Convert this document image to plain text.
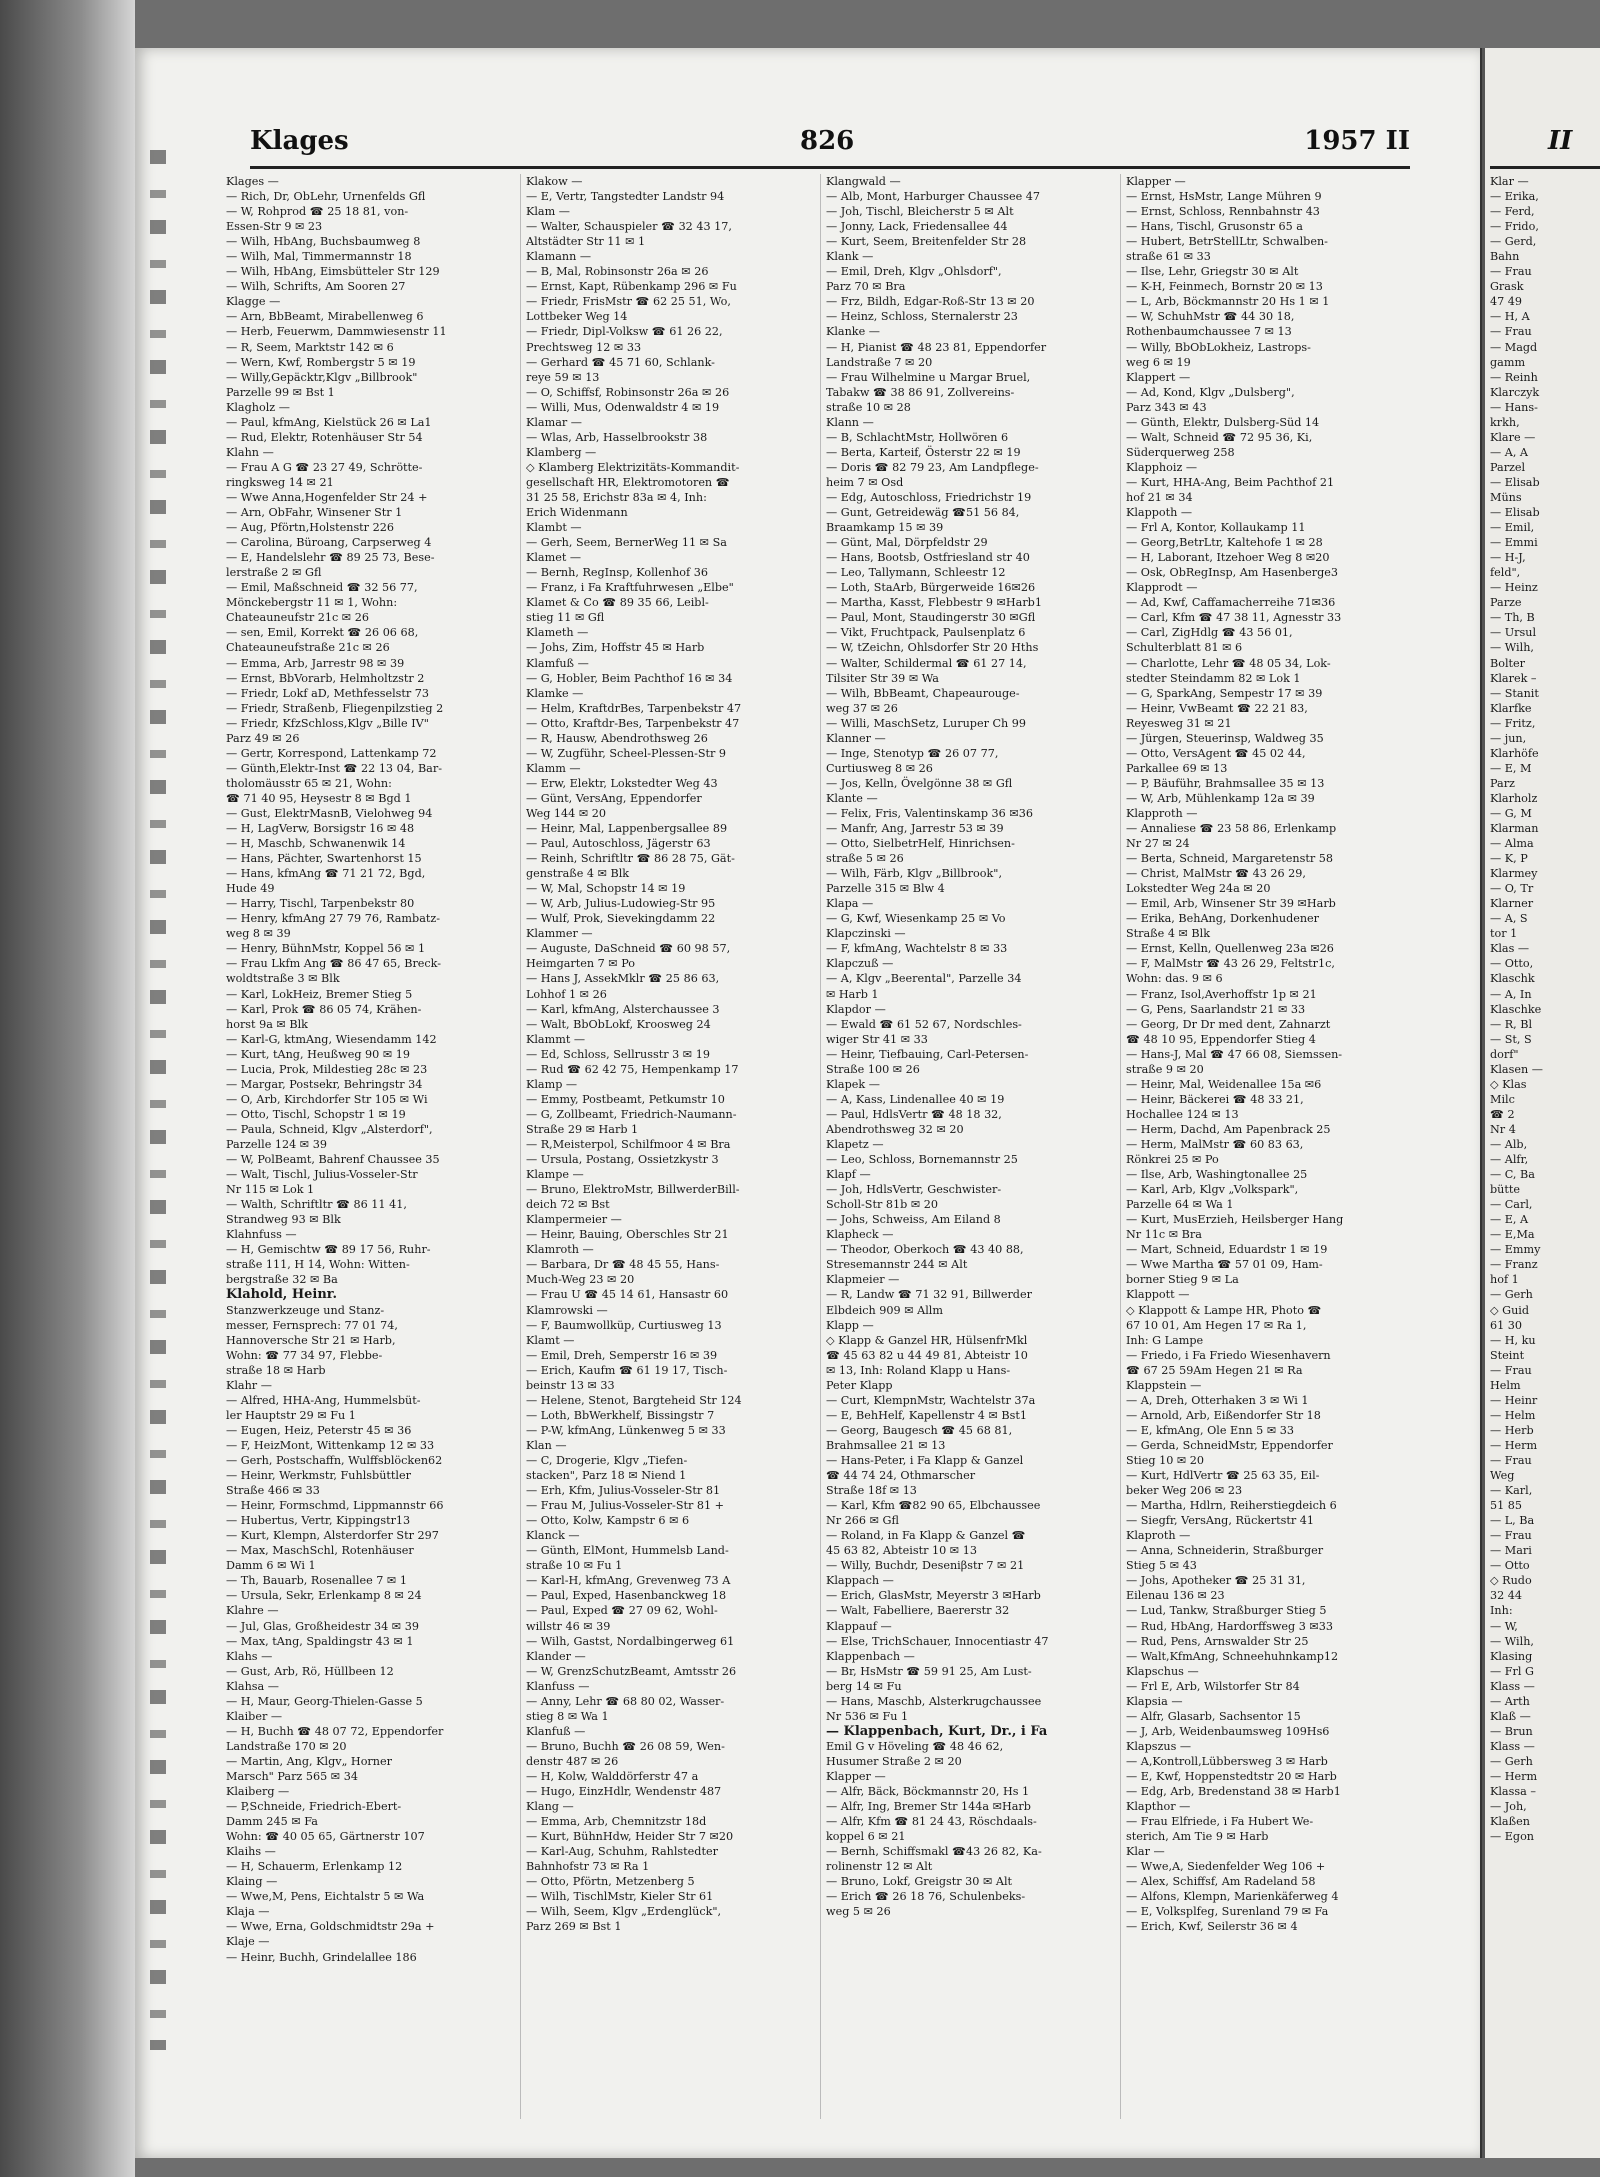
Klages	826	1957 II	II

Klages —

— Rich, Dr, ObLehr, Urnenfelds Gfl

— W, Rohprod ☎ 25 18 81, von-

Essen-Str 9 ✉ 23

— Wilh, HbAng, Buchsbaumweg 8

— Wilh, Mal, Timmermannstr 18

— Wilh, HbAng, Eimsbütteler Str 129

— Wilh, Schrifts, Am Sooren 27

Klagge —

— Arn, BbBeamt, Mirabellenweg 6

— Herb, Feuerwm, Dammwiesenstr 11

— R, Seem, Marktstr 142 ✉ 6

— Wern, Kwf, Rombergstr 5 ✉ 19

— Willy,Gepäcktr,Klgv „Billbrook"

Parzelle 99 ✉ Bst 1

Klagholz —

— Paul, kfmAng, Kielstück 26 ✉ La1

— Rud, Elektr, Rotenhäuser Str 54

Klahn —

— Frau A G ☎ 23 27 49, Schrötte-

ringksweg 14 ✉ 21

— Wwe Anna,Hogenfelder Str 24 +

— Arn, ObFahr, Winsener Str 1

— Aug, Pförtn,Holstenstr 226

— Carolina, Büroang, Carpserweg 4

— E, Handelslehr ☎ 89 25 73, Bese-

lerstraße 2 ✉ Gfl

— Emil, Maßschneid ☎ 32 56 77,

Mönckebergstr 11 ✉ 1, Wohn:

Chateauneufstr 21c ✉ 26

— sen, Emil, Korrekt ☎ 26 06 68,

Chateauneufstraße 21c ✉ 26

— Emma, Arb, Jarrestr 98 ✉ 39

— Ernst, BbVorarb, Helmholtzstr 2

— Friedr, Lokf aD, Methfesselstr 73

— Friedr, Straßenb, Fliegenpilzstieg 2

— Friedr, KfzSchloss,Klgv „Bille IV"

Parz 49 ✉ 26

— Gertr, Korrespond, Lattenkamp 72

— Günth,Elektr-Inst ☎ 22 13 04, Bar-

tholomäusstr 65 ✉ 21, Wohn:

☎ 71 40 95, Heysestr 8 ✉ Bgd 1

— Gust, ElektrMasnB, Vielohweg 94

— H, LagVerw, Borsigstr 16 ✉ 48

— H, Maschb, Schwanenwik 14

— Hans, Pächter, Swartenhorst 15

— Hans, kfmAng ☎ 71 21 72, Bgd,

Hude 49

— Harry, Tischl, Tarpenbekstr 80

— Henry, kfmAng 27 79 76, Rambatz-

weg 8 ✉ 39

— Henry, BühnMstr, Koppel 56 ✉ 1

— Frau Lkfm Ang ☎ 86 47 65, Breck-

woldtstraße 3 ✉ Blk

— Karl, LokHeiz, Bremer Stieg 5

— Karl, Prok ☎ 86 05 74, Krähen-

horst 9a ✉ Blk

— Karl-G, ktmAng, Wiesendamm 142

— Kurt, tAng, Heußweg 90 ✉ 19

— Lucia, Prok, Mildestieg 28c ✉ 23

— Margar, Postsekr, Behringstr 34

— O, Arb, Kirchdorfer Str 105 ✉ Wi

— Otto, Tischl, Schopstr 1 ✉ 19

— Paula, Schneid, Klgv „Alsterdorf",

Parzelle 124 ✉ 39

— W, PolBeamt, Bahrenf Chaussee 35

— Walt, Tischl, Julius-Vosseler-Str

Nr 115 ✉ Lok 1

— Walth, Schriftltr ☎ 86 11 41,

Strandweg 93 ✉ Blk

Klahnfuss —

— H, Gemischtw ☎ 89 17 56, Ruhr-

straße 111, H 14, Wohn: Witten-

bergstraße 32 ✉ Ba

Klahold, Heinr.

Stanzwerkzeuge und Stanz-

messer, Fernsprech: 77 01 74,

Hannoversche Str 21 ✉ Harb,

Wohn: ☎ 77 34 97, Flebbe-

straße 18 ✉ Harb

Klahr —

— Alfred, HHA-Ang, Hummelsbüt-

ler Hauptstr 29 ✉ Fu 1

— Eugen, Heiz, Peterstr 45 ✉ 36

— F, HeizMont, Wittenkamp 12 ✉ 33

— Gerh, Postschaffn, Wulffsblöcken62

— Heinr, Werkmstr, Fuhlsbüttler

Straße 466 ✉ 33

— Heinr, Formschmd, Lippmannstr 66

— Hubertus, Vertr, Kippingstr13

— Kurt, Klempn, Alsterdorfer Str 297

— Max, MaschSchl, Rotenhäuser

Damm 6 ✉ Wi 1

— Th, Bauarb, Rosenallee 7 ✉ 1

— Ursula, Sekr, Erlenkamp 8 ✉ 24

Klahre —

— Jul, Glas, Großheidestr 34 ✉ 39

— Max, tAng, Spaldingstr 43 ✉ 1

Klahs —

— Gust, Arb, Rö, Hüllbeen 12

Klahsa —

— H, Maur, Georg-Thielen-Gasse 5

Klaiber —

— H, Buchh ☎ 48 07 72, Eppendorfer

Landstraße 170 ✉ 20

— Martin, Ang, Klgv„ Horner

Marsch" Parz 565 ✉ 34

Klaiberg —

— P,Schneide, Friedrich-Ebert-

Damm 245 ✉ Fa

Wohn: ☎ 40 05 65, Gärtnerstr 107

Klaihs —

— H, Schauerm, Erlenkamp 12

Klaing —

— Wwe,M, Pens, Eichtalstr 5 ✉ Wa

Klaja —

— Wwe, Erna, Goldschmidtstr 29a +

Klaje —

— Heinr, Buchh, Grindelallee 186

Klakow —

— E, Vertr, Tangstedter Landstr 94

Klam —

— Walter, Schauspieler ☎ 32 43 17,

Altstädter Str 11 ✉ 1

Klamann —

— B, Mal, Robinsonstr 26a ✉ 26

— Ernst, Kapt, Rübenkamp 296 ✉ Fu

— Friedr, FrisMstr ☎ 62 25 51, Wo,

Lottbeker Weg 14

— Friedr, Dipl-Volksw ☎ 61 26 22,

Prechtsweg 12 ✉ 33

— Gerhard ☎ 45 71 60, Schlank-

reye 59 ✉ 13

— O, Schiffsf, Robinsonstr 26a ✉ 26

— Willi, Mus, Odenwaldstr 4 ✉ 19

Klamar —

— Wlas, Arb, Hasselbrookstr 38

Klamberg —

◇ Klamberg Elektrizitäts-Kommandit-

gesellschaft HR, Elektromotoren ☎

31 25 58, Erichstr 83a ✉ 4, Inh:

Erich Widenmann

Klambt —

— Gerh, Seem, BernerWeg 11 ✉ Sa

Klamet —

— Bernh, RegInsp, Kollenhof 36

— Franz, i Fa Kraftfuhrwesen „Elbe"

Klamet & Co ☎ 89 35 66, Leibl-

stieg 11 ✉ Gfl

Klameth —

— Johs, Zim, Hoffstr 45 ✉ Harb

Klamfuß —

— G, Hobler, Beim Pachthof 16 ✉ 34

Klamke —

— Helm, KraftdrBes, Tarpenbekstr 47

— Otto, Kraftdr-Bes, Tarpenbekstr 47

— R, Hausw, Abendrothsweg 26

— W, Zugführ, Scheel-Plessen-Str 9

Klamm —

— Erw, Elektr, Lokstedter Weg 43

— Günt, VersAng, Eppendorfer

Weg 144 ✉ 20

— Heinr, Mal, Lappenbergsallee 89

— Paul, Autoschloss, Jägerstr 63

— Reinh, Schriftltr ☎ 86 28 75, Gät-

genstraße 4 ✉ Blk

— W, Mal, Schopstr 14 ✉ 19

— W, Arb, Julius-Ludowieg-Str 95

— Wulf, Prok, Sievekingdamm 22

Klammer —

— Auguste, DaSchneid ☎ 60 98 57,

Heimgarten 7 ✉ Po

— Hans J, AssekMklr ☎ 25 86 63,

Lohhof 1 ✉ 26

— Karl, kfmAng, Alsterchaussee 3

— Walt, BbObLokf, Kroosweg 24

Klammt —

— Ed, Schloss, Sellrusstr 3 ✉ 19

— Rud ☎ 62 42 75, Hempenkamp 17

Klamp —

— Emmy, Postbeamt, Petkumstr 10

— G, Zollbeamt, Friedrich-Naumann-

Straße 29 ✉ Harb 1

— R,Meisterpol, Schilfmoor 4 ✉ Bra

— Ursula, Postang, Ossietzkystr 3

Klampe —

— Bruno, ElektroMstr, BillwerderBill-

deich 72 ✉ Bst

Klampermeier —

— Heinr, Bauing, Oberschles Str 21

Klamroth —

— Barbara, Dr ☎ 48 45 55, Hans-

Much-Weg 23 ✉ 20

— Frau U ☎ 45 14 61, Hansastr 60

Klamrowski —

— F, Baumwollküp, Curtiusweg 13

Klamt —

— Emil, Dreh, Semperstr 16 ✉ 39

— Erich, Kaufm ☎ 61 19 17, Tisch-

beinstr 13 ✉ 33

— Helene, Stenot, Bargteheid Str 124

— Loth, BbWerkhelf, Bissingstr 7

— P-W, kfmAng, Lünkenweg 5 ✉ 33

Klan —

— C, Drogerie, Klgv „Tiefen-

stacken", Parz 18 ✉ Niend 1

— Erh, Kfm, Julius-Vosseler-Str 81

— Frau M, Julius-Vosseler-Str 81 +

— Otto, Kolw, Kampstr 6 ✉ 6

Klanck —

— Günth, ElMont, Hummelsb Land-

straße 10 ✉ Fu 1

— Karl-H, kfmAng, Grevenweg 73 A

— Paul, Exped, Hasenbanckweg 18

— Paul, Exped ☎ 27 09 62, Wohl-

willstr 46 ✉ 39

— Wilh, Gastst, Nordalbingerweg 61

Klander —

— W, GrenzSchutzBeamt, Amtsstr 26

Klanfuss —

— Anny, Lehr ☎ 68 80 02, Wasser-

stieg 8 ✉ Wa 1

Klanfuß —

— Bruno, Buchh ☎ 26 08 59, Wen-

denstr 487 ✉ 26

— H, Kolw, Walddörferstr 47 a

— Hugo, EinzHdlr, Wendenstr 487

Klang —

— Emma, Arb, Chemnitzstr 18d

— Kurt, BühnHdw, Heider Str 7 ✉20

— Karl-Aug, Schuhm, Rahlstedter

Bahnhofstr 73 ✉ Ra 1

— Otto, Pförtn, Metzenberg 5

— Wilh, TischlMstr, Kieler Str 61

— Wilh, Seem, Klgv „Erdenglück",

Parz 269 ✉ Bst 1

Klangwald —

— Alb, Mont, Harburger Chaussee 47

— Joh, Tischl, Bleicherstr 5 ✉ Alt

— Jonny, Lack, Friedensallee 44

— Kurt, Seem, Breitenfelder Str 28

Klank —

— Emil, Dreh, Klgv „Ohlsdorf",

Parz 70 ✉ Bra

— Frz, Bildh, Edgar-Roß-Str 13 ✉ 20

— Heinz, Schloss, Sternalerstr 23

Klanke —

— H, Pianist ☎ 48 23 81, Eppendorfer

Landstraße 7 ✉ 20

— Frau Wilhelmine u Margar Bruel,

Tabakw ☎ 38 86 91, Zollvereins-

straße 10 ✉ 28

Klann —

— B, SchlachtMstr, Hollwören 6

— Berta, Karteif, Österstr 22 ✉ 19

— Doris ☎ 82 79 23, Am Landpflege-

heim 7 ✉ Osd

— Edg, Autoschloss, Friedrichstr 19

— Gunt, Getreidewäg ☎51 56 84,

Braamkamp 15 ✉ 39

— Günt, Mal, Dörpfeldstr 29

— Hans, Bootsb, Ostfriesland str 40

— Leo, Tallymann, Schleestr 12

— Loth, StaArb, Bürgerweide 16✉26

— Martha, Kasst, Flebbestr 9 ✉Harb1

— Paul, Mont, Staudingerstr 30 ✉Gfl

— Vikt, Fruchtpack, Paulsenplatz 6

— W, tZeichn, Ohlsdorfer Str 20 Hths

— Walter, Schildermal ☎ 61 27 14,

Tilsiter Str 39 ✉ Wa

— Wilh, BbBeamt, Chapeaurouge-

weg 37 ✉ 26

— Willi, MaschSetz, Luruper Ch 99

Klanner —

— Inge, Stenotyp ☎ 26 07 77,

Curtiusweg 8 ✉ 26

— Jos, Kelln, Övelgönne 38 ✉ Gfl

Klante —

— Felix, Fris, Valentinskamp 36 ✉36

— Manfr, Ang, Jarrestr 53 ✉ 39

— Otto, SielbetrHelf, Hinrichsen-

straße 5 ✉ 26

— Wilh, Färb, Klgv „Billbrook",

Parzelle 315 ✉ Blw 4

Klapa —

— G, Kwf, Wiesenkamp 25 ✉ Vo

Klapczinski —

— F, kfmAng, Wachtelstr 8 ✉ 33

Klapczuß —

— A, Klgv „Beerental", Parzelle 34

✉ Harb 1

Klapdor —

— Ewald ☎ 61 52 67, Nordschles-

wiger Str 41 ✉ 33

— Heinr, Tiefbauing, Carl-Petersen-

Straße 100 ✉ 26

Klapek —

— A, Kass, Lindenallee 40 ✉ 19

— Paul, HdlsVertr ☎ 48 18 32,

Abendrothsweg 32 ✉ 20

Klapetz —

— Leo, Schloss, Bornemannstr 25

Klapf —

— Joh, HdlsVertr, Geschwister-

Scholl-Str 81b ✉ 20

— Johs, Schweiss, Am Eiland 8

Klapheck —

— Theodor, Oberkoch ☎ 43 40 88,

Stresemannstr 244 ✉ Alt

Klapmeier —

— R, Landw ☎ 71 32 91, Billwerder

Elbdeich 909 ✉ Allm

Klapp —

◇ Klapp & Ganzel HR, HülsenfrMkl

☎ 45 63 82 u 44 49 81, Abteistr 10

✉ 13, Inh: Roland Klapp u Hans-

Peter Klapp

— Curt, KlempnMstr, Wachtelstr 37a

— E, BehHelf, Kapellenstr 4 ✉ Bst1

— Georg, Baugesch ☎ 45 68 81,

Brahmsallee 21 ✉ 13

— Hans-Peter, i Fa Klapp & Ganzel

☎ 44 74 24, Othmarscher

Straße 18f ✉ 13

— Karl, Kfm ☎82 90 65, Elbchaussee

Nr 266 ✉ Gfl

— Roland, in Fa Klapp & Ganzel ☎

45 63 82, Abteistr 10 ✉ 13

— Willy, Buchdr, Deseniβstr 7 ✉ 21

Klappach —

— Erich, GlasMstr, Meyerstr 3 ✉Harb

— Walt, Fabelliere, Baererstr 32

Klappauf —

— Else, TrichSchauer, Innocentiastr 47

Klappenbach —

— Br, HsMstr ☎ 59 91 25, Am Lust-

berg 14 ✉ Fu

— Hans, Maschb, Alsterkrugchaussee

Nr 536 ✉ Fu 1

— Klappenbach, Kurt, Dr., i Fa

Emil G v Höveling ☎ 48 46 62,

Husumer Straße 2 ✉ 20

Klapper —

— Alfr, Bäck, Böckmannstr 20, Hs 1

— Alfr, Ing, Bremer Str 144a ✉Harb

— Alfr, Kfm ☎ 81 24 43, Röschdaals-

koppel 6 ✉ 21

— Bernh, Schiffsmakl ☎43 26 82, Ka-

rolinenstr 12 ✉ Alt

— Bruno, Lokf, Greigstr 30 ✉ Alt

— Erich ☎ 26 18 76, Schulenbeks-

weg 5 ✉ 26

Klapper —

— Ernst, HsMstr, Lange Mühren 9

— Ernst, Schloss, Rennbahnstr 43

— Hans, Tischl, Grusonstr 65 a

— Hubert, BetrStellLtr, Schwalben-

straße 61 ✉ 33

— Ilse, Lehr, Griegstr 30 ✉ Alt

— K-H, Feinmech, Bornstr 20 ✉ 13

— L, Arb, Böckmannstr 20 Hs 1 ✉ 1

— W, SchuhMstr ☎ 44 30 18,

Rothenbaumchaussee 7 ✉ 13

— Willy, BbObLokheiz, Lastrops-

weg 6 ✉ 19

Klappert —

— Ad, Kond, Klgv „Dulsberg",

Parz 343 ✉ 43

— Günth, Elektr, Dulsberg-Süd 14

— Walt, Schneid ☎ 72 95 36, Ki,

Süderquerweg 258

Klapphoiz —

— Kurt, HHA-Ang, Beim Pachthof 21

hof 21 ✉ 34

Klappoth —

— Frl A, Kontor, Kollaukamp 11

— Georg,BetrLtr, Kaltehofe 1 ✉ 28

— H, Laborant, Itzehoer Weg 8 ✉20

— Osk, ObRegInsp, Am Hasenberge3

Klapprodt —

— Ad, Kwf, Caffamacherreihe 71✉36

— Carl, Kfm ☎ 47 38 11, Agnesstr 33

— Carl, ZigHdlg ☎ 43 56 01,

Schulterblatt 81 ✉ 6

— Charlotte, Lehr ☎ 48 05 34, Lok-

stedter Steindamm 82 ✉ Lok 1

— G, SparkAng, Sempestr 17 ✉ 39

— Heinr, VwBeamt ☎ 22 21 83,

Reyesweg 31 ✉ 21

— Jürgen, Steuerinsp, Waldweg 35

— Otto, VersAgent ☎ 45 02 44,

Parkallee 69 ✉ 13

— P, Bäuführ, Brahmsallee 35 ✉ 13

— W, Arb, Mühlenkamp 12a ✉ 39

Klapproth —

— Annaliese ☎ 23 58 86, Erlenkamp

Nr 27 ✉ 24

— Berta, Schneid, Margaretenstr 58

— Christ, MalMstr ☎ 43 26 29,

Lokstedter Weg 24a ✉ 20

— Emil, Arb, Winsener Str 39 ✉Harb

— Erika, BehAng, Dorkenhudener

Straße 4 ✉ Blk

— Ernst, Kelln, Quellenweg 23a ✉26

— F, MalMstr ☎ 43 26 29, Feltstr1c,

Wohn: das. 9 ✉ 6

— Franz, Isol,Averhoffstr 1p ✉ 21

— G, Pens, Saarlandstr 21 ✉ 33

— Georg, Dr Dr med dent, Zahnarzt

☎ 48 10 95, Eppendorfer Stieg 4

— Hans-J, Mal ☎ 47 66 08, Siemssen-

straße 9 ✉ 20

— Heinr, Mal, Weidenallee 15a ✉6

— Heinr, Bäckerei ☎ 48 33 21,

Hochallee 124 ✉ 13

— Herm, Dachd, Am Papenbrack 25

— Herm, MalMstr ☎ 60 83 63,

Rönkrei 25 ✉ Po

— Ilse, Arb, Washingtonallee 25

— Karl, Arb, Klgv „Volkspark",

Parzelle 64 ✉ Wa 1

— Kurt, MusErzieh, Heilsberger Hang

Nr 11c ✉ Bra

— Mart, Schneid, Eduardstr 1 ✉ 19

— Wwe Martha ☎ 57 01 09, Ham-

borner Stieg 9 ✉ La

Klappott —

◇ Klappott & Lampe HR, Photo ☎

67 10 01, Am Hegen 17 ✉ Ra 1,

Inh: G Lampe

— Friedo, i Fa Friedo Wiesenhavern

☎ 67 25 59Am Hegen 21 ✉ Ra

Klappstein —

— A, Dreh, Otterhaken 3 ✉ Wi 1

— Arnold, Arb, Eißendorfer Str 18

— E, kfmAng, Ole Enn 5 ✉ 33

— Gerda, SchneidMstr, Eppendorfer

Stieg 10 ✉ 20

— Kurt, HdlVertr ☎ 25 63 35, Eil-

beker Weg 206 ✉ 23

— Martha, Hdlrn, Reiherstiegdeich 6

— Siegfr, VersAng, Rückertstr 41

Klaproth —

— Anna, Schneiderin, Straßburger

Stieg 5 ✉ 43

— Johs, Apotheker ☎ 25 31 31,

Eilenau 136 ✉ 23

— Lud, Tankw, Straßburger Stieg 5

— Rud, HbAng, Hardorffsweg 3 ✉33

— Rud, Pens, Arnswalder Str 25

— Walt,KfmAng, Schneehuhnkamp12

Klapschus —

— Frl E, Arb, Wilstorfer Str 84

Klapsia —

— Alfr, Glasarb, Sachsentor 15

— J, Arb, Weidenbaumsweg 109Hs6

Klapszus —

— A,Kontroll,Lübbersweg 3 ✉ Harb

— E, Kwf, Hoppenstedtstr 20 ✉ Harb

— Edg, Arb, Bredenstand 38 ✉ Harb1

Klapthor —

— Frau Elfriede, i Fa Hubert We-

sterich, Am Tie 9 ✉ Harb

Klar —

— Wwe,A, Siedenfelder Weg 106 +

— Alex, Schiffsf, Am Radeland 58

— Alfons, Klempn, Marienkäferweg 4

— E, Volksplfeg, Surenland 79 ✉ Fa

— Erich, Kwf, Seilerstr 36 ✉ 4

Klar —

— Erika,

— Ferd,

— Frido,

— Gerd,

Bahn

— Frau

Grask

47 49

— H, A

— Frau

— Magd

gamm

— Reinh

Klarczyk

— Hans-

krkh,

Klare —

— A, A

Parzel

— Elisab

Müns

— Elisab

— Emil,

— Emmi

— H-J,

feld",

— Heinz

Parze

— Th, B

— Ursul

— Wilh,

Bolter

Klarek –

— Stanit

Klarfke

— Fritz,

— jun,

Klarhöfe

— E, M

Parz

Klarholz

— G, M

Klarman

— Alma

— K, P

Klarmey

— O, Tr

Klarner

— A, S

tor 1

Klas —

— Otto,

Klaschk

— A, In

Klaschke

— R, Bl

— St, S

dorf"

Klasen —

◇ Klas

Milc

☎ 2

Nr 4

— Alb,

— Alfr,

— C, Ba

bütte

— Carl,

— E, A

— E,Ma

— Emmy

— Franz

hof 1

— Gerh

◇ Guid

61 30

— H, ku

Steint

— Frau

Helm

— Heinr

— Helm

— Herb

— Herm

— Frau

Weg

— Karl,

51 85

— L, Ba

— Frau

— Mari

— Otto

◇ Rudo

32 44

Inh:

— W,

— Wilh,

Klasing

— Frl G

Klass —

— Arth

Klaß —

— Brun

Klass —

— Gerh

— Herm

Klassa –

— Joh,

Klaßen

— Egon
